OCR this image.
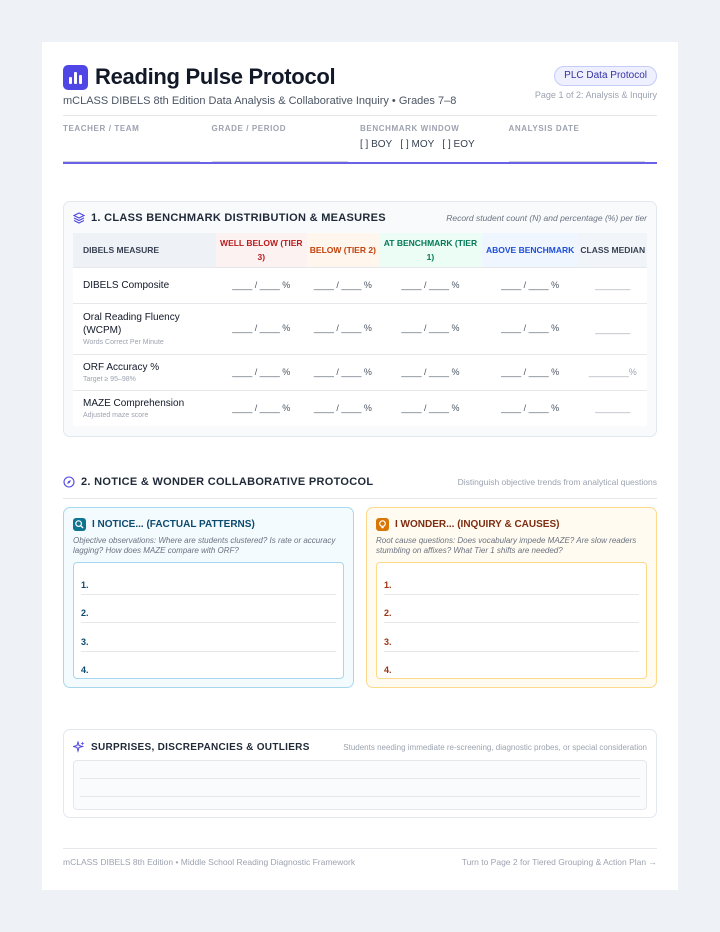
Reading Pulse Protocol
mCLASS DIBELS 8th Edition Data Analysis & Collaborative Inquiry • Grades 7–8
PLC Data Protocol
Page 1 of 2: Analysis & Inquiry
TEACHER / TEAM	GRADE / PERIOD	BENCHMARK WINDOW
[ ] BOY   [ ] MOY   [ ] EOY
ANALYSIS DATE
1. CLASS BENCHMARK DISTRIBUTION & MEASURES	Record student count (N) and percentage (%) per tier
DIBELS MEASURE	WELL BELOW (TIER 3)	BELOW (TIER 2)	AT BENCHMARK (TIER 1)	ABOVE BENCHMARK	CLASS MEDIAN

DIBELS Composite	____ / ____ %	____ / ____ %	____ / ____ %	____ / ____ %	_______

Oral Reading Fluency (WCPM)
Words Correct Per Minute	____ / ____ %	____ / ____ %	____ / ____ %	____ / ____ %	_______

ORF Accuracy %
Target ≥ 95–98%	____ / ____ %	____ / ____ %	____ / ____ %	____ / ____ %	________%

MAZE Comprehension
Adjusted maze score	____ / ____ %	____ / ____ %	____ / ____ %	____ / ____ %	_______
2. NOTICE & WONDER COLLABORATIVE PROTOCOL	Distinguish objective trends from analytical questions
I NOTICE... (FACTUAL PATTERNS)
Objective observations: Where are students clustered? Is rate or accuracy lagging? How does MAZE compare with ORF?
1.
2.
3.
4.
I WONDER... (INQUIRY & CAUSES)
Root cause questions: Does vocabulary impede MAZE? Are slow readers stumbling on affixes? What Tier 1 shifts are needed?
1.
2.
3.
4.
SURPRISES, DISCREPANCIES & OUTLIERS	Students needing immediate re-screening, diagnostic probes, or special consideration
mCLASS DIBELS 8th Edition • Middle School Reading Diagnostic Framework	Turn to Page 2 for Tiered Grouping & Action Plan →
